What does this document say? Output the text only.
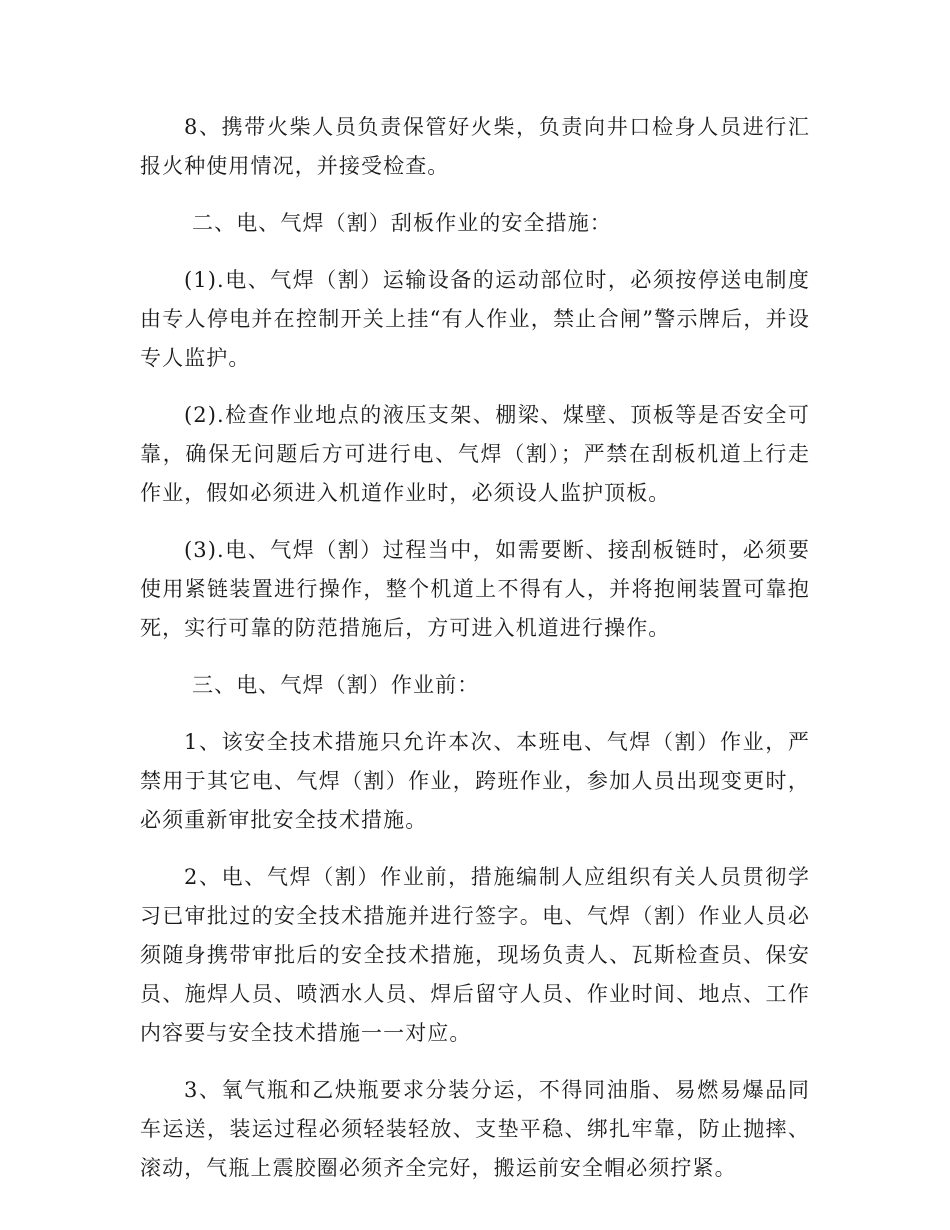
8、携带火柴人员负责保管好火柴，负责向井口检身人员进行汇报火种使用情况，并接受检查。

二、电、气焊（割）刮板作业的安全措施：

(1).电、气焊（割）运输设备的运动部位时，必须按停送电制度由专人停电并在控制开关上挂“有人作业，禁止合闸”警示牌后，并设专人监护。

(2).检查作业地点的液压支架、棚梁、煤壁、顶板等是否安全可靠，确保无问题后方可进行电、气焊（割）；严禁在刮板机道上行走作业，假如必须进入机道作业时，必须设人监护顶板。

(3).电、气焊（割）过程当中，如需要断、接刮板链时，必须要使用紧链装置进行操作，整个机道上不得有人，并将抱闸装置可靠抱死，实行可靠的防范措施后，方可进入机道进行操作。

三、电、气焊（割）作业前：

1、该安全技术措施只允许本次、本班电、气焊（割）作业，严禁用于其它电、气焊（割）作业，跨班作业，参加人员出现变更时，必须重新审批安全技术措施。

2、电、气焊（割）作业前，措施编制人应组织有关人员贯彻学习已审批过的安全技术措施并进行签字。电、气焊（割）作业人员必须随身携带审批后的安全技术措施，现场负责人、瓦斯检查员、保安员、施焊人员、喷洒水人员、焊后留守人员、作业时间、地点、工作内容要与安全技术措施一一对应。

3、氧气瓶和乙炔瓶要求分装分运，不得同油脂、易燃易爆品同车运送，装运过程必须轻装轻放、支垫平稳、绑扎牢靠，防止抛摔、滚动，气瓶上震胶圈必须齐全完好，搬运前安全帽必须拧紧。
